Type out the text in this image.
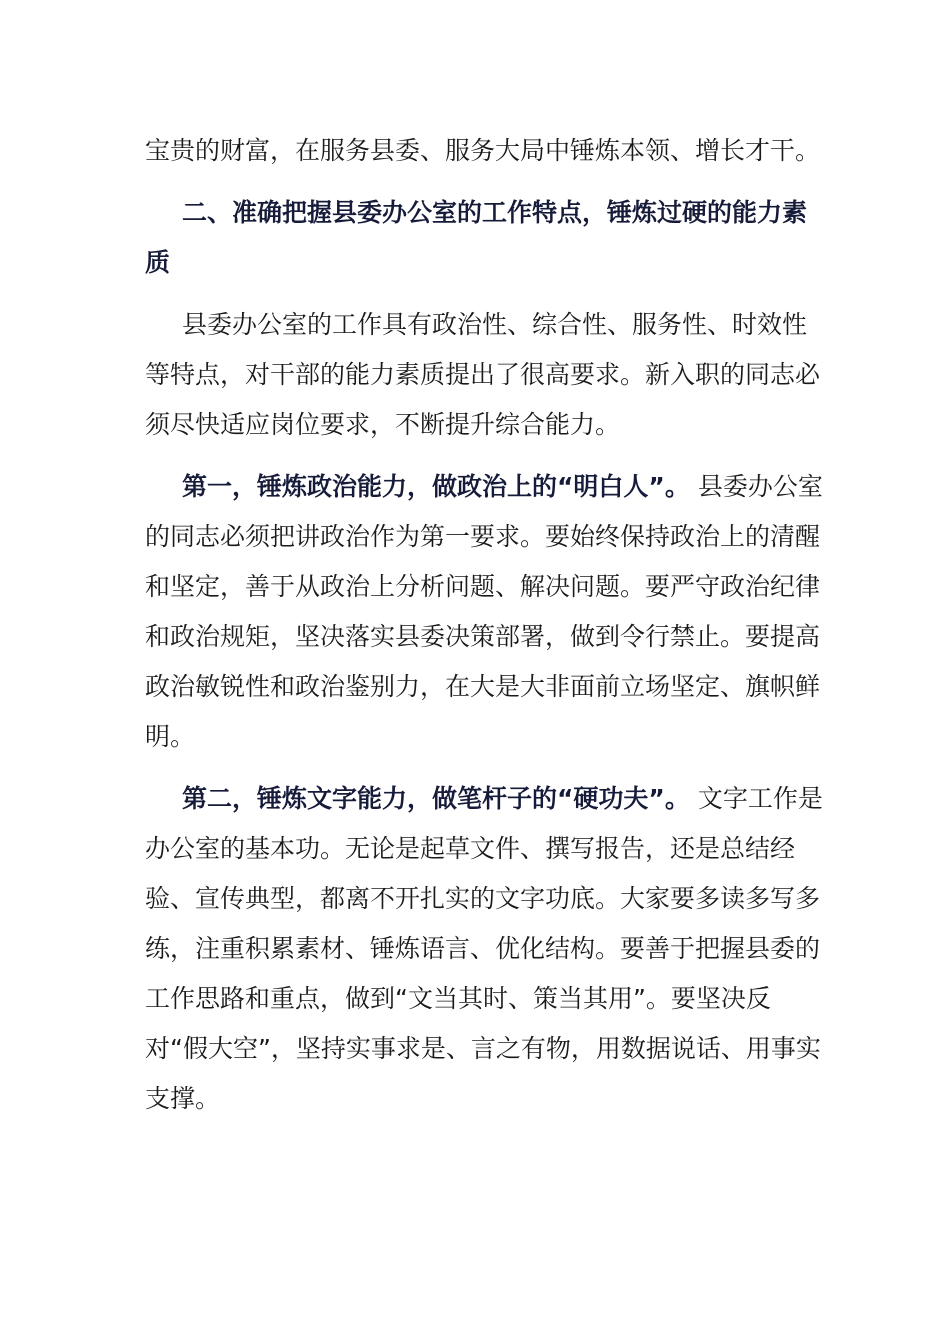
宝贵的财富，在服务县委、服务大局中锤炼本领、增长才干。

二、准确把握县委办公室的工作特点，锤炼过硬的能力素质

县委办公室的工作具有政治性、综合性、服务性、时效性等特点，对干部的能力素质提出了很高要求。新入职的同志必须尽快适应岗位要求，不断提升综合能力。

第一，锤炼政治能力，做政治上的“明白人”。 县委办公室的同志必须把讲政治作为第一要求。要始终保持政治上的清醒和坚定，善于从政治上分析问题、解决问题。要严守政治纪律和政治规矩，坚决落实县委决策部署，做到令行禁止。要提高政治敏锐性和政治鉴别力，在大是大非面前立场坚定、旗帜鲜明。

第二，锤炼文字能力，做笔杆子的“硬功夫”。 文字工作是办公室的基本功。无论是起草文件、撰写报告，还是总结经验、宣传典型，都离不开扎实的文字功底。大家要多读多写多练，注重积累素材、锤炼语言、优化结构。要善于把握县委的工作思路和重点，做到“文当其时、策当其用”。要坚决反对“假大空”，坚持实事求是、言之有物，用数据说话、用事实支撑。
